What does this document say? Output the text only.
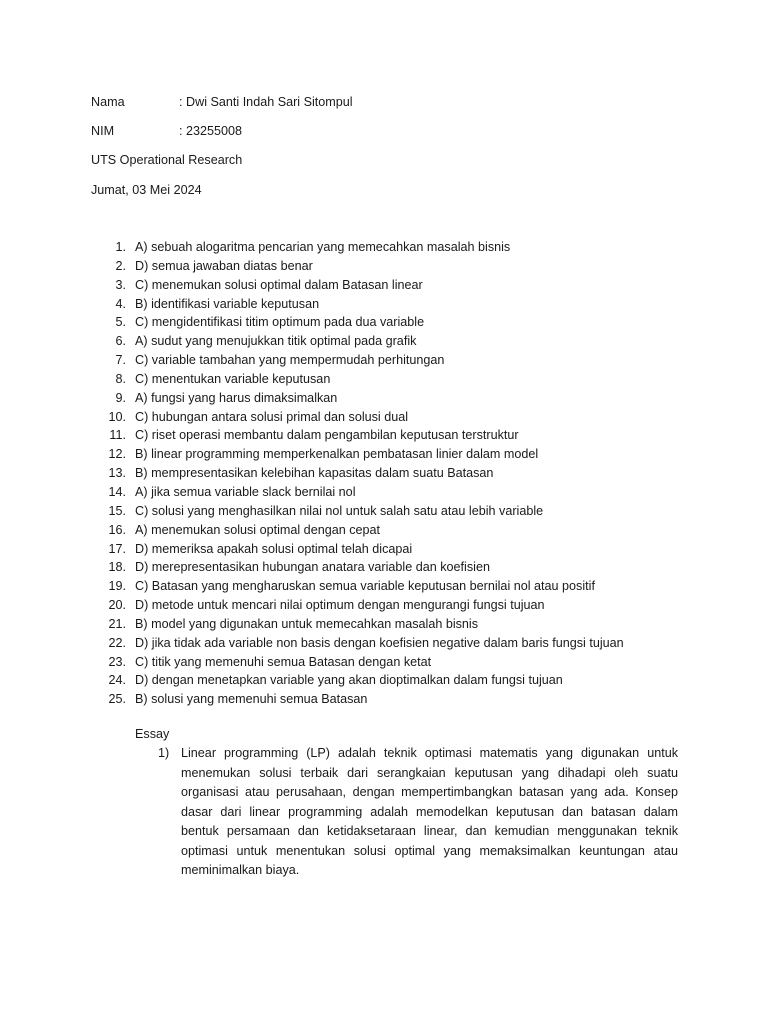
Nama	: Dwi Santi Indah Sari Sitompul
NIM	: 23255008
UTS Operational Research
Jumat, 03 Mei 2024
1. A) sebuah alogaritma pencarian yang memecahkan masalah bisnis
2. D) semua jawaban diatas benar
3. C) menemukan solusi optimal dalam Batasan linear
4. B) identifikasi variable keputusan
5. C) mengidentifikasi titim optimum pada dua variable
6. A) sudut yang menujukkan titik optimal pada grafik
7. C) variable tambahan yang mempermudah perhitungan
8. C) menentukan variable keputusan
9. A) fungsi yang harus dimaksimalkan
10. C) hubungan antara solusi primal dan solusi dual
11. C) riset operasi membantu dalam pengambilan keputusan terstruktur
12. B) linear programming memperkenalkan pembatasan linier dalam model
13. B) mempresentasikan kelebihan kapasitas dalam suatu Batasan
14. A) jika semua variable slack bernilai nol
15. C) solusi yang menghasilkan nilai nol untuk salah satu atau lebih variable
16. A) menemukan solusi optimal dengan cepat
17. D) memeriksa apakah solusi optimal telah dicapai
18. D) merepresentasikan hubungan anatara variable dan koefisien
19. C) Batasan yang mengharuskan semua variable keputusan bernilai nol atau positif
20. D) metode untuk mencari nilai optimum dengan mengurangi fungsi tujuan
21. B) model yang digunakan untuk memecahkan masalah bisnis
22. D) jika tidak ada variable non basis dengan koefisien negative dalam baris fungsi tujuan
23. C) titik yang memenuhi semua Batasan dengan ketat
24. D) dengan menetapkan variable yang akan dioptimalkan dalam fungsi tujuan
25. B) solusi yang memenuhi semua Batasan
Essay
1) Linear programming (LP) adalah teknik optimasi matematis yang digunakan untuk menemukan solusi terbaik dari serangkaian keputusan yang dihadapi oleh suatu organisasi atau perusahaan, dengan mempertimbangkan batasan yang ada. Konsep dasar dari linear programming adalah memodelkan keputusan dan batasan dalam bentuk persamaan dan ketidaksetaraan linear, dan kemudian menggunakan teknik optimasi untuk menentukan solusi optimal yang memaksimalkan keuntungan atau meminimalkan biaya.
